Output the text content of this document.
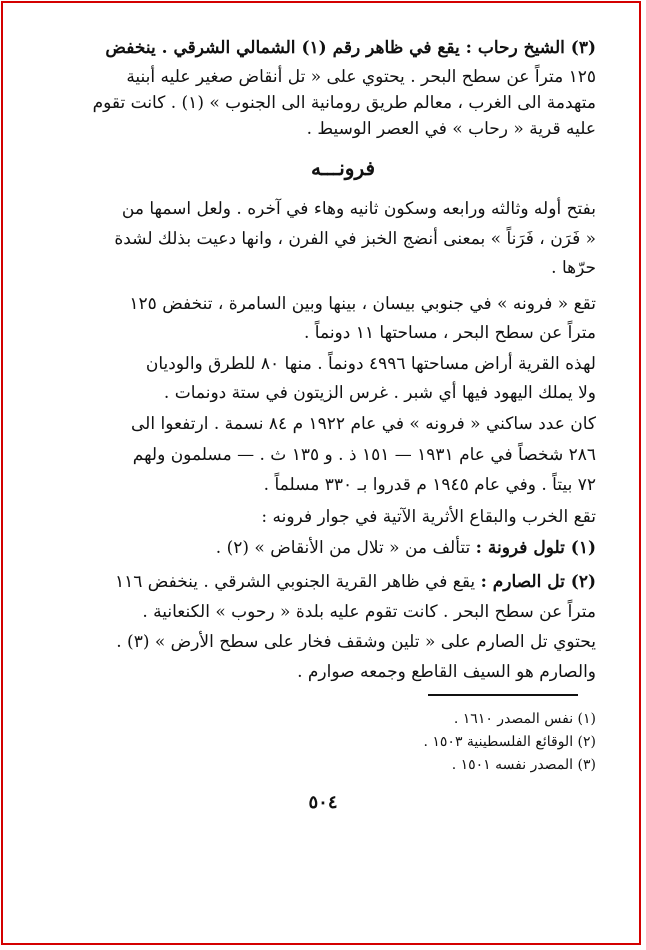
(٣) الشيخ رحاب : يقع في ظاهر رقم (١) الشمالي الشرقي . ينخفض
١٢٥ متراً عن سطح البحر . يحتوي على « تل أنقاض صغير عليه أبنية
متهدمة الى الغرب ، معالم طريق رومانية الى الجنوب » (١) . كانت تقوم
عليه قرية « رحاب » في العصر الوسيط .
فرونـــه
بفتح أوله وثالثه ورابعه وسكون ثانيه وهاء في آخره . ولعل اسمها من
« فَرَن ، فَرَناً » بمعنى أنضج الخبز في الفرن ، وانها دعيت بذلك لشدة
حرّها .
تقع « فرونه » في جنوبي بيسان ، بينها وبين السامرة ، تنخفض ١٢٥
متراً عن سطح البحر ، مساحتها ١١ دونماً .
لهذه القرية أراض مساحتها ٤٩٩٦ دونماً . منها ٨٠ للطرق والوديان
ولا يملك اليهود فيها أي شبر . غرس الزيتون في ستة دونمات .
كان عدد ساكني « فرونه » في عام ١٩٢٢ م ٨٤ نسمة . ارتفعوا الى
٢٨٦ شخصاً في عام ١٩٣١ — ١٥١ ذ . و ١٣٥ ث . — مسلمون ولهم
٧٢ بيتاً . وفي عام ١٩٤٥ م قدروا بـ ٣٣٠ مسلماً .
تقع الخرب والبقاع الأثرية الآتية في جوار فرونه :
(١) تلول فرونة : تتألف من « تلال من الأنقاض » (٢) .
(٢) تل الصارم : يقع في ظاهر القرية الجنوبي الشرقي . ينخفض ١١٦
متراً عن سطح البحر . كانت تقوم عليه بلدة « رحوب » الكنعانية .
يحتوي تل الصارم على « تلين وشقف فخار على سطح الأرض » (٣) .
والصارم هو السيف القاطع وجمعه صوارم .
(١) نفس المصدر ١٦١٠ .
(٢) الوقائع الفلسطينية ١٥٠٣ .
(٣) المصدر نفسه ١٥٠١ .
٥٠٤
